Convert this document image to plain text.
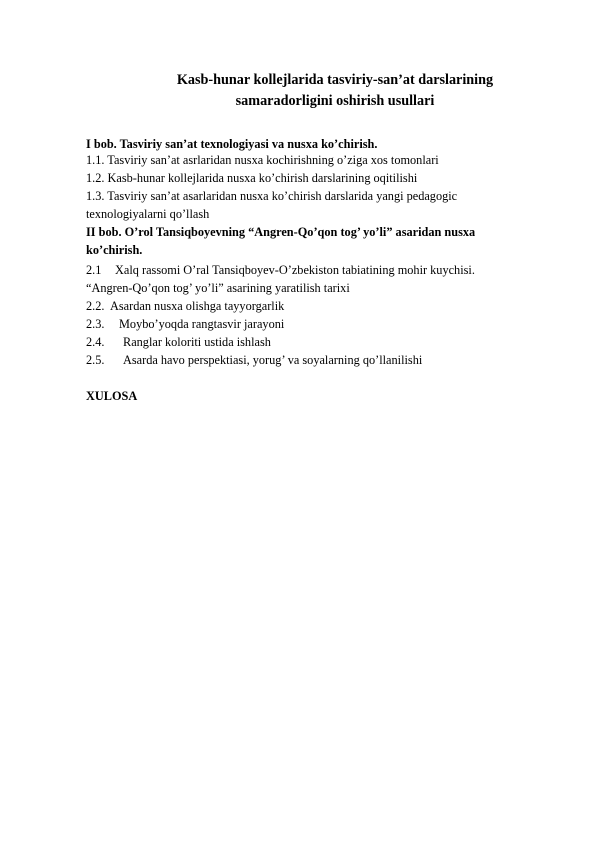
Kasb-hunar kollejlarida tasviriy-san’at darslarining
samaradorligini oshirish usullari
I bob. Tasviriy san’at texnologiyasi va nusxa ko’chirish.
1.1. Tasviriy san’at asrlaridan nusxa kochirishning o’ziga xos tomonlari
1.2. Kasb-hunar kollejlarida nusxa ko’chirish darslarining oqitilishi
1.3. Tasviriy san’at asarlaridan nusxa ko’chirish darslarida yangi pedagogic
texnologiyalarni qo’llash
II bob. O’rol Tansiqboyevning “Angren-Qo’qon tog’ yo’li” asaridan nusxa
ko’chirish.
2.1 Xalq rassomi O’ral Tansiqboyev-O’zbekiston tabiatining mohir kuychisi.
“Angren-Qo’qon tog’ yo’li” asarining yaratilish tarixi
2.2. Asardan nusxa olishga tayyorgarlik
2.3. Moybo’yoqda rangtasvir jarayoni
2.4. Ranglar koloriti ustida ishlash
2.5. Asarda havo perspektiasi, yorug’ va soyalarning qo’llanilishi
XULOSA
